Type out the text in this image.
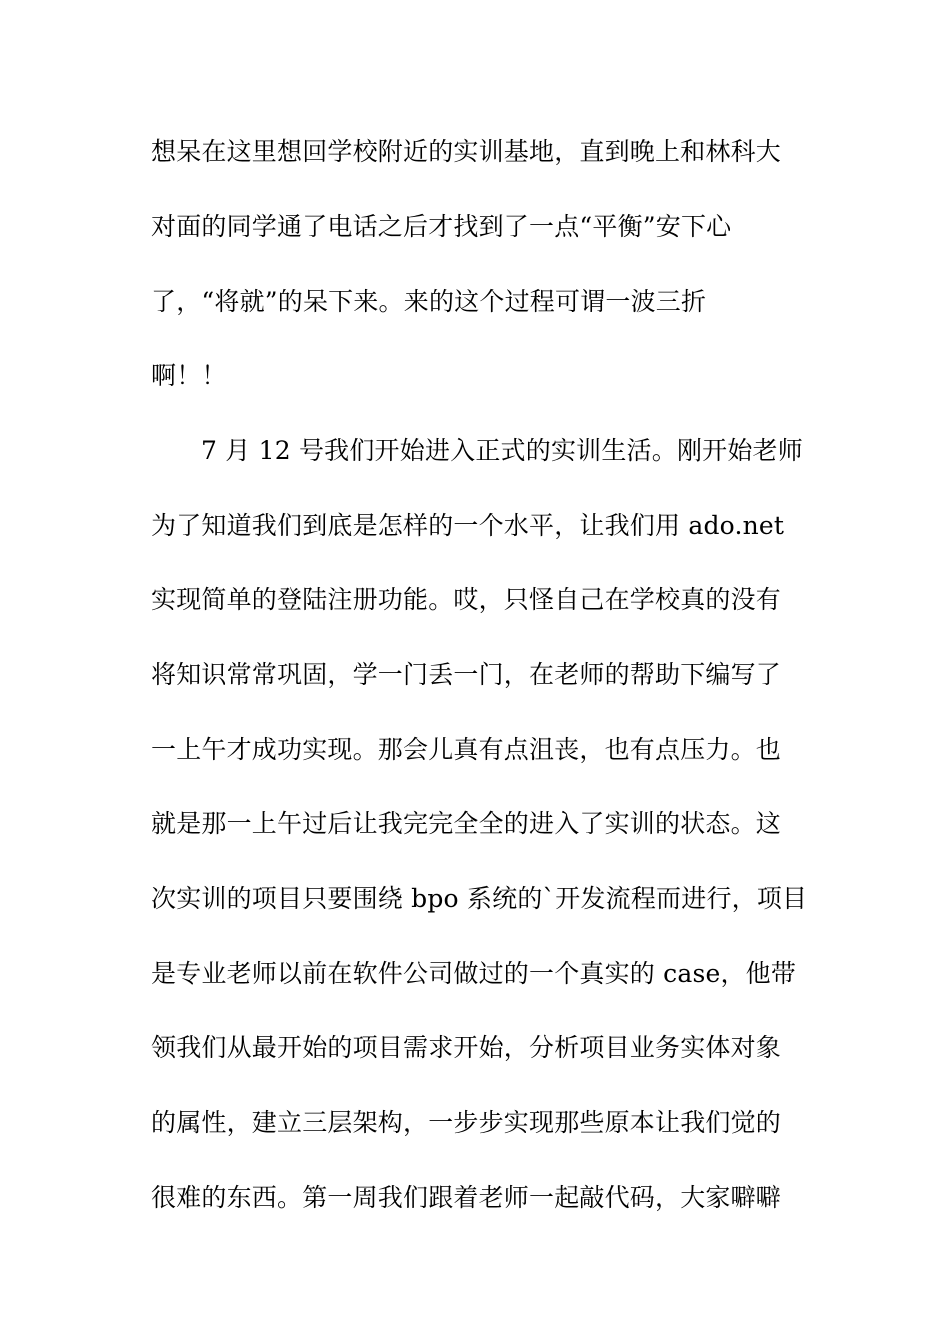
想呆在这里想回学校附近的实训基地，直到晚上和林科大
对面的同学通了电话之后才找到了一点“平衡”安下心
了，“将就”的呆下来。来的这个过程可谓一波三折
啊！！
7 月 12 号我们开始进入正式的实训生活。刚开始老师
为了知道我们到底是怎样的一个水平，让我们用 ado.net
实现简单的登陆注册功能。哎，只怪自己在学校真的没有
将知识常常巩固，学一门丢一门，在老师的帮助下编写了
一上午才成功实现。那会儿真有点沮丧，也有点压力。也
就是那一上午过后让我完完全全的进入了实训的状态。这
次实训的项目只要围绕 bpo 系统的`开发流程而进行，项目
是专业老师以前在软件公司做过的一个真实的 case，他带
领我们从最开始的项目需求开始，分析项目业务实体对象
的属性，建立三层架构，一步步实现那些原本让我们觉的
很难的东西。第一周我们跟着老师一起敲代码，大家噼噼
